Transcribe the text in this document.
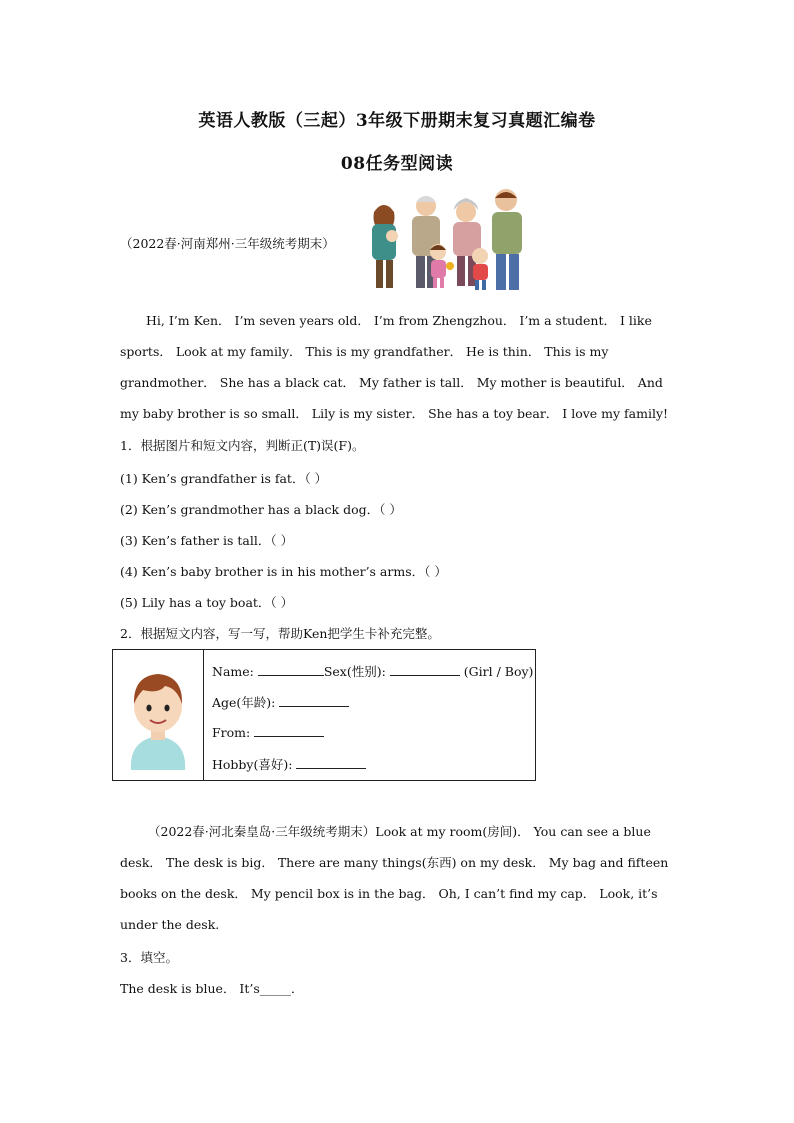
英语人教版（三起）3年级下册期末复习真题汇编卷
08任务型阅读
（2022春·河南郑州·三年级统考期末）
Hi, I’m Ken． I’m seven years old． I’m from Zhengzhou． I’m a student． I like sports． Look at my family． This is my grandfather． He is thin． This is my grandmother． She has a black cat． My father is tall． My mother is beautiful． And my baby brother is so small． Lily is my sister． She has a toy bear． I love my family!
1．根据图片和短文内容，判断正(T)误(F)。
(1) Ken’s grandfather is fat．（ ）
(2) Ken’s grandmother has a black dog．（ ）
(3) Ken’s father is tall．（ ）
(4) Ken’s baby brother is in his mother’s arms．（ ）
(5) Lily has a toy boat．（ ）
2．根据短文内容，写一写，帮助Ken把学生卡补充完整。
Name:	Sex(性别):	(Girl / Boy)
Age(年龄):
From:
Hobby(喜好):
（2022春·河北秦皇岛·三年级统考期末）Look at my room(房间)． You can see a blue desk． The desk is big． There are many things(东西) on my desk． My bag and fifteen books on the desk． My pencil box is in the bag． Oh, I can’t find my cap． Look, it’s under the desk.
3．填空。
The desk is blue． It’s_____．
